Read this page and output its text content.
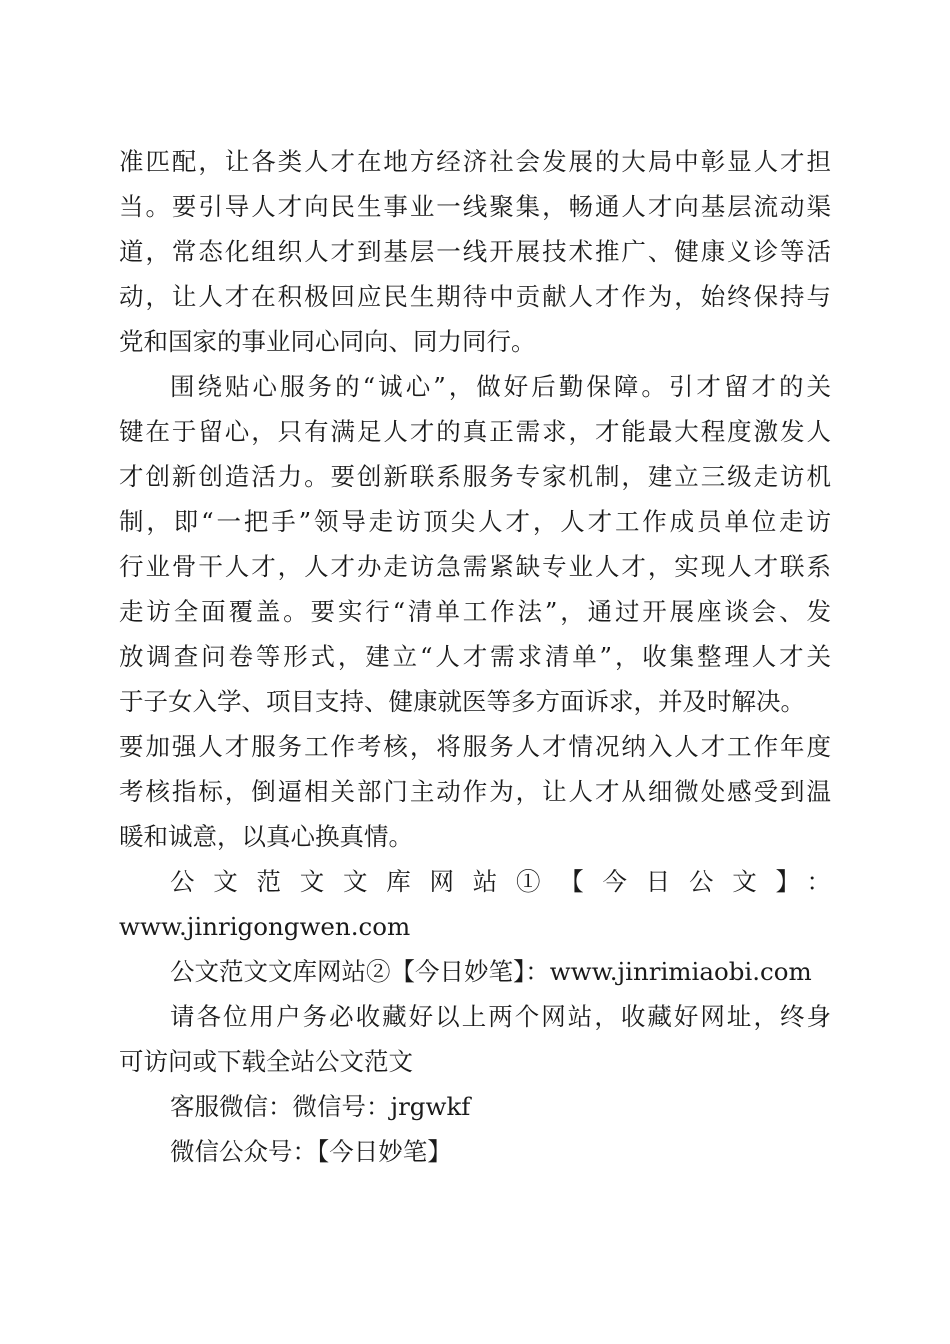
准匹配，让各类人才在地方经济社会发展的大局中彰显人才担

当。要引导人才向民生事业一线聚集，畅通人才向基层流动渠

道，常态化组织人才到基层一线开展技术推广、健康义诊等活

动，让人才在积极回应民生期待中贡献人才作为，始终保持与

党和国家的事业同心同向、同力同行。

围绕贴心服务的“诚心”，做好后勤保障。引才留才的关

键在于留心，只有满足人才的真正需求，才能最大程度激发人

才创新创造活力。要创新联系服务专家机制，建立三级走访机

制，即“一把手”领导走访顶尖人才，人才工作成员单位走访

行业骨干人才，人才办走访急需紧缺专业人才，实现人才联系

走访全面覆盖。要实行“清单工作法”，通过开展座谈会、发

放调查问卷等形式，建立“人才需求清单”，收集整理人才关

于子女入学、项目支持、健康就医等多方面诉求，并及时解决。

要加强人才服务工作考核，将服务人才情况纳入人才工作年度

考核指标，倒逼相关部门主动作为，让人才从细微处感受到温

暖和诚意，以真心换真情。

公文范文文库网站①【今日公文】：

www.jinrigongwen.com

公文范文文库网站②【今日妙笔】：www.jinrimiaobi.com

请各位用户务必收藏好以上两个网站，收藏好网址，终身

可访问或下载全站公文范文

客服微信：微信号：jrgwkf

微信公众号：【今日妙笔】
